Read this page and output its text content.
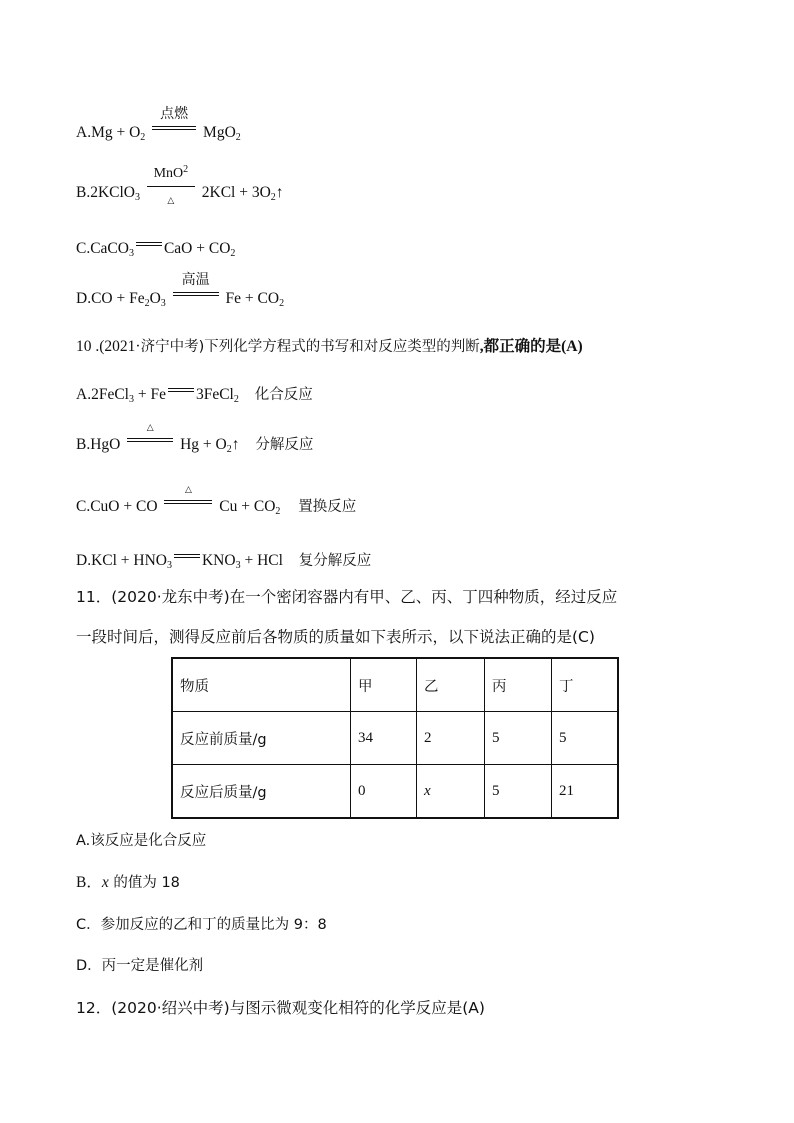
$A.Mg + O_2$
点燃
MgO$_2$
B.2KClO$_3$
MnO$^2$
△	$2KCl + 3O_2↑$
C.CaCO$_3$ CaO + $CO_2$
$D.CO + Fe_2O_3$
高温
$Fe + CO_2$
10 .(2021·济宁中考)下列化学方程式的书写和对反应类型的判断,都正确的是(A)
A.2FeCl$_3$ + Fe 3FeCl$_2$ 化合反应
B.HgO
△
$Hg + O_2↑$ 分解反应
C.CuO + CO
△
$Cu + CO_2$ 置换反应
$D.KCl + HNO_3$ $KNO_3$ + HCl 复分解反应
11．(2020·龙东中考)在一个密闭容器内有甲、乙、丙、丁四种物质，经过反应
一段时间后，测得反应前后各物质的质量如下表所示，以下说法正确的是(C)
物质	甲	乙	丙	丁
反应前质量/g	34	2	5	5
反应后质量/g	0	x	5	21
A.该反应是化合反应
B．x 的值为 18
C．参加反应的乙和丁的质量比为 9：8
D．丙一定是催化剂
12．(2020·绍兴中考)与图示微观变化相符的化学反应是(A)
